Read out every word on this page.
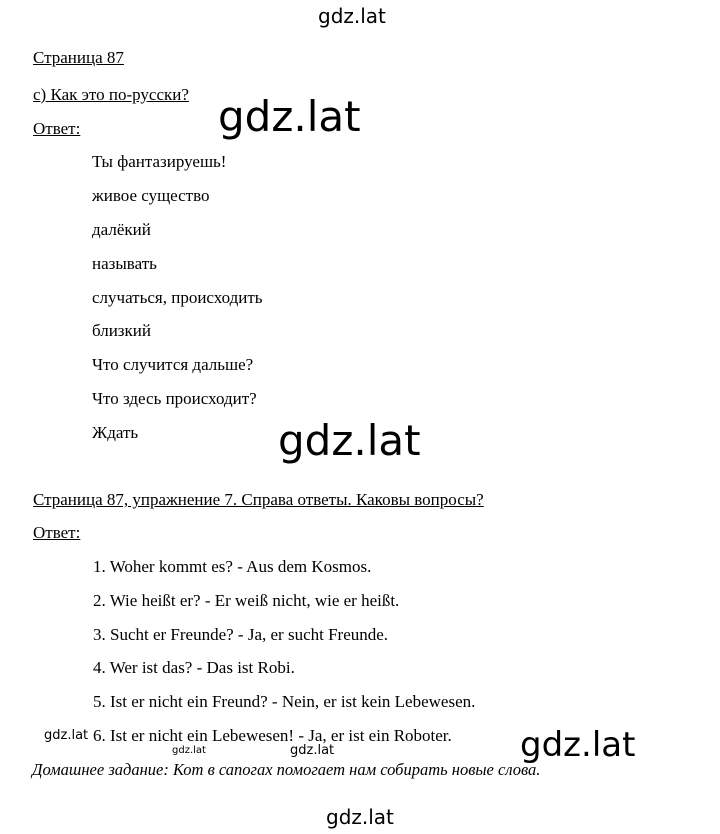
gdz.lat
gdz.lat
gdz.lat
gdz.lat
gdz.lat
gdz.lat	gdz.lat
gdz.lat
Страница 87
с) Как это по-русски?
Ответ:
Ты фантазируешь!
живое существо
далёкий
называть
случаться, происходить
близкий
Что случится дальше?
Что здесь происходит?
Ждать
Страница 87, упражнение 7. Справа ответы. Каковы вопросы?
Ответ:
1. Woher kommt es? - Aus dem Kosmos.
2. Wie heißt er? - Er weiß nicht, wie er heißt.
3. Sucht er Freunde? - Ja, er sucht Freunde.
4. Wer ist das? - Das ist Robi.
5. Ist er nicht ein Freund? - Nein, er ist kein Lebewesen.
6. Ist er nicht ein Lebewesen! - Ja, er ist ein Roboter.
Домашнее задание: Кот в сапогах помогает нам собирать новые слова.
